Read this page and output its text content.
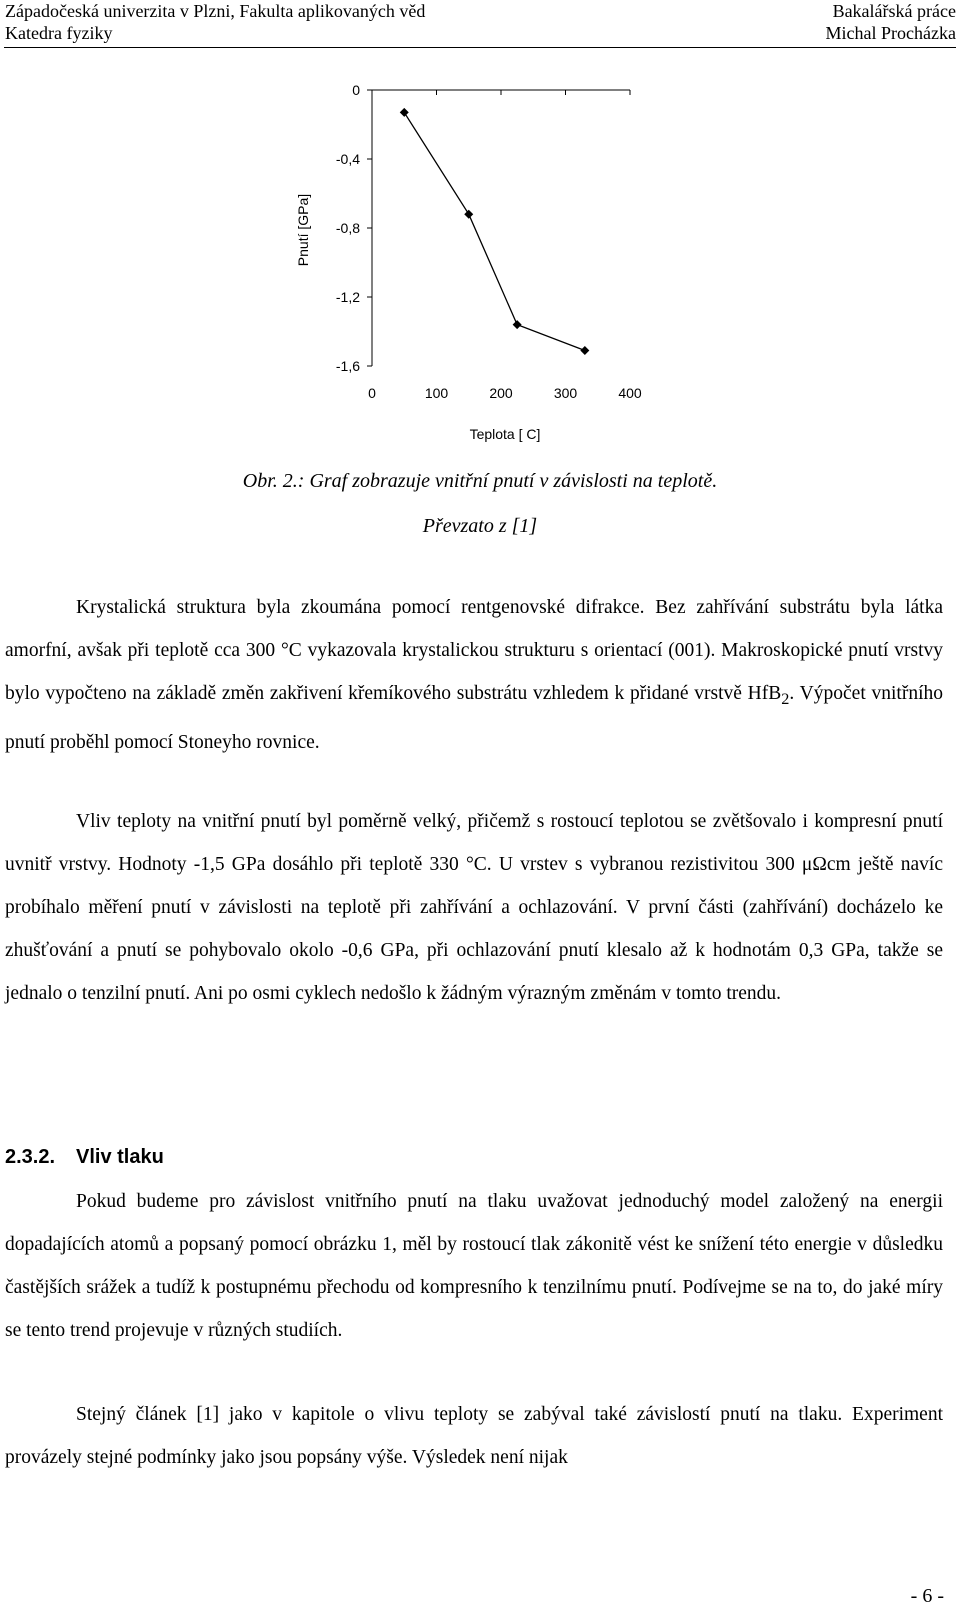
Západočeská univerzita v Plzni, Fakulta aplikovaných věd
Katedra fyziky
Bakalářská práce
Michal Procházka
0
-0,4
-0,8
-1,2
-1,6
0	100	200	300	400
Pnutí [GPa]
Teplota [ C]
Obr. 2.: Graf zobrazuje vnitřní pnutí v závislosti na teplotě.
Převzato z [1]

Krystalická struktura byla zkoumána pomocí rentgenovské difrakce. Bez zahřívání substrátu byla látka amorfní, avšak při teplotě cca 300 °C vykazovala krystalickou strukturu s orientací (001). Makroskopické pnutí vrstvy bylo vypočteno na základě změn zakřivení křemíkového substrátu vzhledem k přidané vrstvě HfB$_2$. Výpočet vnitřního pnutí proběhl pomocí Stoneyho rovnice.

Vliv teploty na vnitřní pnutí byl poměrně velký, přičemž s rostoucí teplotou se zvětšovalo i kompresní pnutí uvnitř vrstvy. Hodnoty -1,5 GPa dosáhlo při teplotě 330 °C. U vrstev s vybranou rezistivitou 300 μΩcm ještě navíc probíhalo měření pnutí v závislosti na teplotě při zahřívání a ochlazování. V první části (zahřívání) docházelo ke zhušťování a pnutí se pohybovalo okolo -0,6 GPa, při ochlazování pnutí klesalo až k hodnotám 0,3 GPa, takže se jednalo o tenzilní pnutí. Ani po osmi cyklech nedošlo k žádným výrazným změnám v tomto trendu.

2.3.2. Vliv tlaku

Pokud budeme pro závislost vnitřního pnutí na tlaku uvažovat jednoduchý model založený na energii dopadajících atomů a popsaný pomocí obrázku 1, měl by rostoucí tlak zákonitě vést ke snížení této energie v důsledku častějších srážek a tudíž k postupnému přechodu od kompresního k tenzilnímu pnutí. Podívejme se na to, do jaké míry se tento trend projevuje v různých studiích.

Stejný článek [1] jako v kapitole o vlivu teploty se zabýval také závislostí pnutí na tlaku. Experiment provázely stejné podmínky jako jsou popsány výše. Výsledek není nijak

- 6 -
